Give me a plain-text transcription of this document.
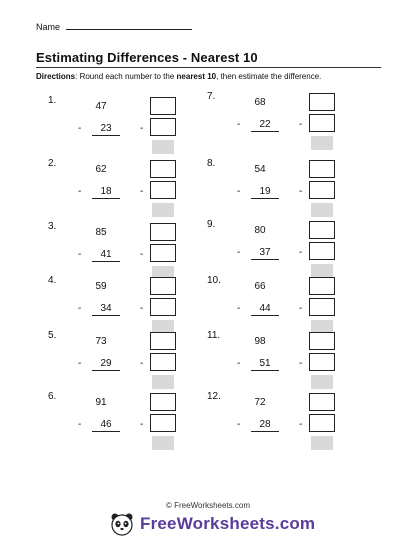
Name
Estimating Differences - Nearest 10
Directions: Round each number to the nearest 10, then estimate the difference.
1.
47
-	23	-
2.
62
-	18	-
3.
85
-	41	-
4.
59
-	34	-
5.
73
-	29	-
6.
91
-	46	-
7.
68
-	22	-
8.
54
-	19	-
9.
80
-	37	-
10.
66
-	44	-
11.
98
-	51	-
12.
72
-	28	-
© FreeWorksheets.com
FreeWorksheets.com
